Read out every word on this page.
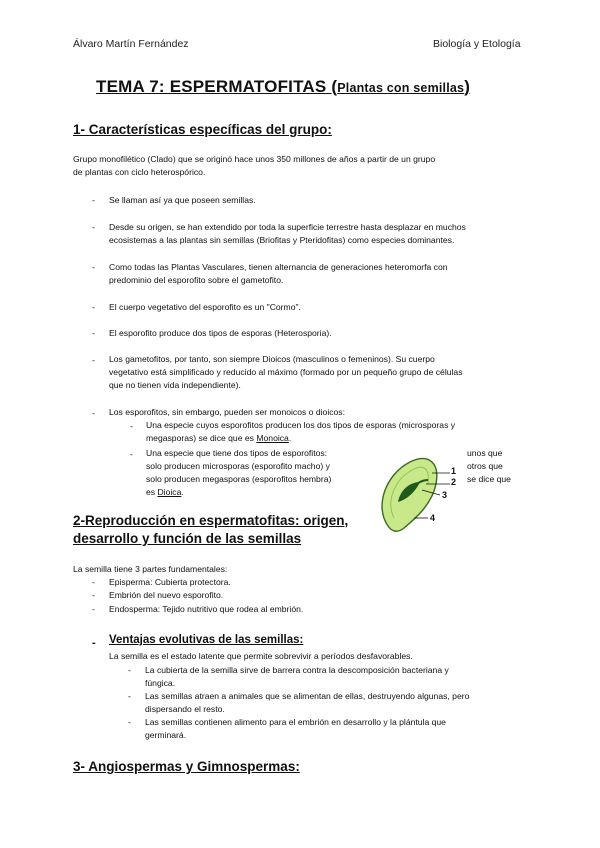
Álvaro Martín Fernández	Biología y Etología
TEMA 7: ESPERMATOFITAS (Plantas con semillas)
1- Características específicas del grupo:
Grupo monofilético (Clado) que se originó hace unos 350 millones de años a partir de un grupo
de plantas con ciclo heterospórico.
- Se llaman así ya que poseen semillas.
- Desde su origen, se han extendido por toda la superficie terrestre hasta desplazar en muchos
ecosistemas a las plantas sin semillas (Briofitas y Pteridofitas) como especies dominantes.
- Como todas las Plantas Vasculares, tienen alternancia de generaciones heteromorfa con
predominio del esporofito sobre el gametofito.
- El cuerpo vegetativo del esporofito es un "Cormo".
- El esporofito produce dos tipos de esporas (Heterosporia).
- Los gametofitos, por tanto, son siempre Dioicos (masculinos o femeninos). Su cuerpo
vegetativo está simplificado y reducido al máximo (formado por un pequeño grupo de células
que no tienen vida independiente).
- Los esporofitos, sin embargo, pueden ser monoicos o dioicos:
- Una especie cuyos esporofitos producen los dos tipos de esporas (microsporas y
megasporas) se dice que es Monoica.
- Una especie que tiene dos tipos de esporofitos:
solo producen microsporas (esporofito macho) y
solo producen megasporas (esporofitos hembra)
es Dioica.
unos que
otros que
se dice que
1
2
3
4
2-Reproducción en espermatofitas: origen,
desarrollo y función de las semillas
La semilla tiene 3 partes fundamentales:
- Episperma: Cubierta protectora.
- Embrión del nuevo esporofito.
- Endosperma: Tejido nutritivo que rodea al embrión.
- Ventajas evolutivas de las semillas:
La semilla es el estado latente que permite sobrevivir a períodos desfavorables.
- La cubierta de la semilla sirve de barrera contra la descomposición bacteriana y
fúngica.
- Las semillas atraen a animales que se alimentan de ellas, destruyendo algunas, pero
dispersando el resto.
- Las semillas contienen alimento para el embrión en desarrollo y la plántula que
germinará.
3- Angiospermas y Gimnospermas:
